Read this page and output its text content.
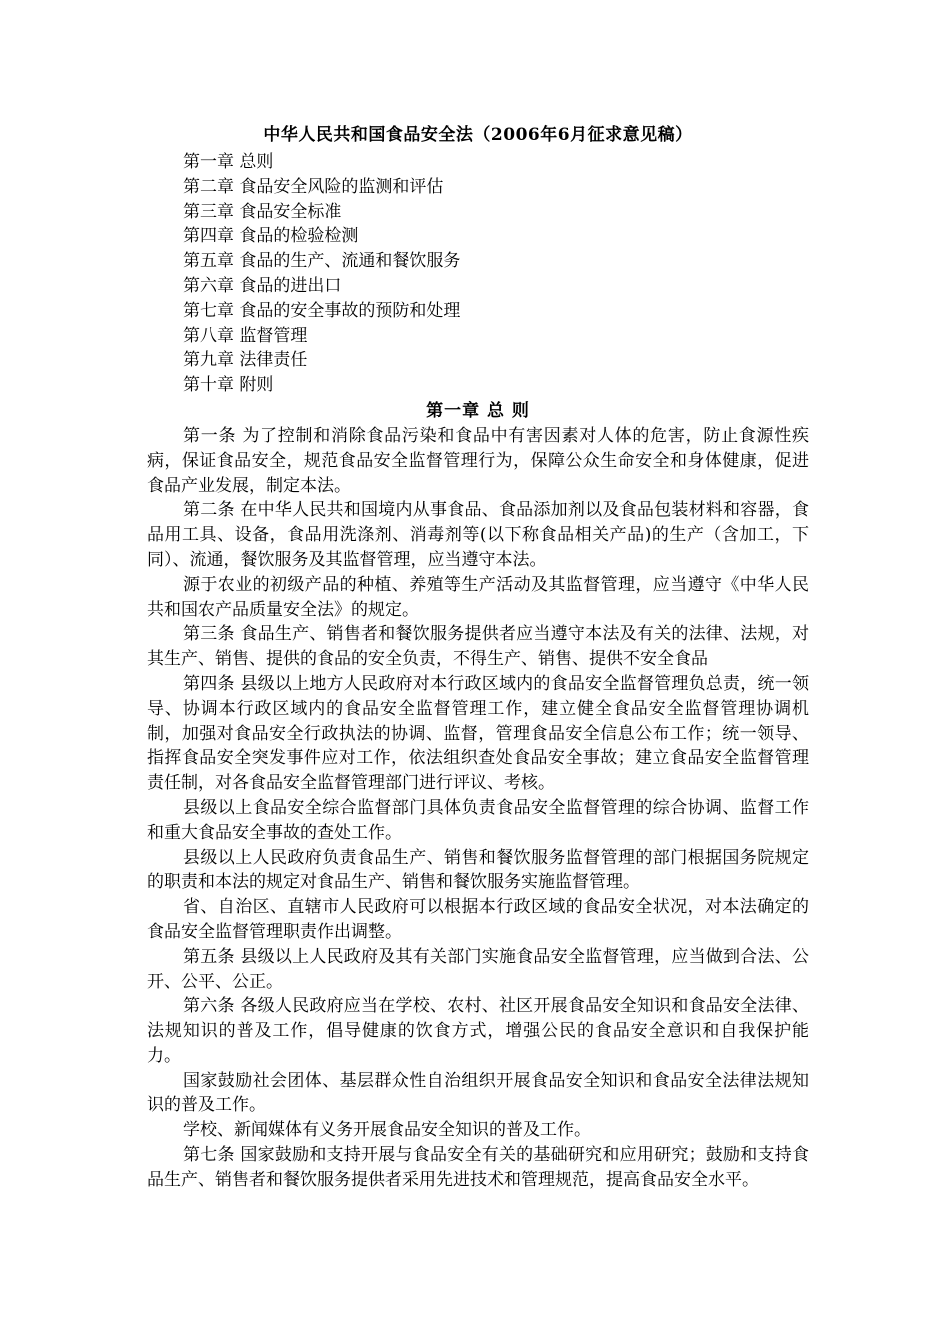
中华人民共和国食品安全法（2006年6月征求意见稿）
第一章 总则
第二章 食品安全风险的监测和评估
第三章 食品安全标准
第四章 食品的检验检测
第五章 食品的生产、流通和餐饮服务
第六章 食品的进出口
第七章 食品的安全事故的预防和处理
第八章 监督管理
第九章 法律责任
第十章 附则
第一章 总 则

第一条 为了控制和消除食品污染和食品中有害因素对人体的危害，防止食源性疾病，保证食品安全，规范食品安全监督管理行为，保障公众生命安全和身体健康，促进食品产业发展，制定本法。

第二条 在中华人民共和国境内从事食品、食品添加剂以及食品包装材料和容器，食品用工具、设备，食品用洗涤剂、消毒剂等(以下称食品相关产品)的生产（含加工，下同）、流通，餐饮服务及其监督管理，应当遵守本法。

源于农业的初级产品的种植、养殖等生产活动及其监督管理，应当遵守《中华人民共和国农产品质量安全法》的规定。

第三条 食品生产、销售者和餐饮服务提供者应当遵守本法及有关的法律、法规，对其生产、销售、提供的食品的安全负责，不得生产、销售、提供不安全食品

第四条 县级以上地方人民政府对本行政区域内的食品安全监督管理负总责，统一领导、协调本行政区域内的食品安全监督管理工作，建立健全食品安全监督管理协调机制，加强对食品安全行政执法的协调、监督，管理食品安全信息公布工作；统一领导、指挥食品安全突发事件应对工作，依法组织查处食品安全事故；建立食品安全监督管理责任制，对各食品安全监督管理部门进行评议、考核。

县级以上食品安全综合监督部门具体负责食品安全监督管理的综合协调、监督工作和重大食品安全事故的查处工作。

县级以上人民政府负责食品生产、销售和餐饮服务监督管理的部门根据国务院规定的职责和本法的规定对食品生产、销售和餐饮服务实施监督管理。

省、自治区、直辖市人民政府可以根据本行政区域的食品安全状况，对本法确定的食品安全监督管理职责作出调整。

第五条 县级以上人民政府及其有关部门实施食品安全监督管理，应当做到合法、公开、公平、公正。

第六条 各级人民政府应当在学校、农村、社区开展食品安全知识和食品安全法律、法规知识的普及工作，倡导健康的饮食方式，增强公民的食品安全意识和自我保护能力。

国家鼓励社会团体、基层群众性自治组织开展食品安全知识和食品安全法律法规知识的普及工作。

学校、新闻媒体有义务开展食品安全知识的普及工作。

第七条 国家鼓励和支持开展与食品安全有关的基础研究和应用研究；鼓励和支持食品生产、销售者和餐饮服务提供者采用先进技术和管理规范，提高食品安全水平。
